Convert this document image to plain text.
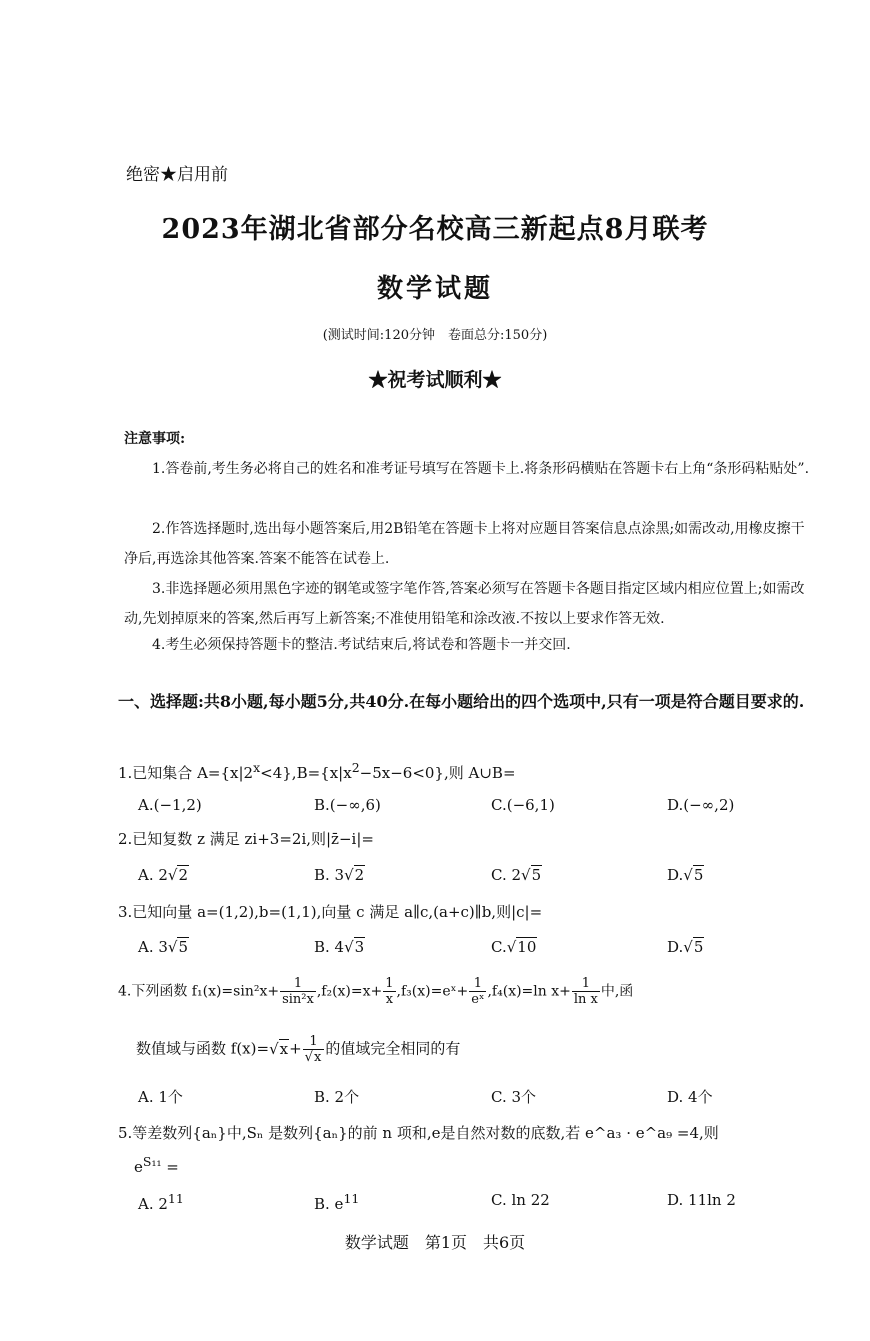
绝密★启用前
2023年湖北省部分名校高三新起点8月联考
数学试题
(测试时间:120分钟　卷面总分:150分)
★祝考试顺利★
注意事项:
1.答卷前,考生务必将自己的姓名和准考证号填写在答题卡上.将条形码横贴在答题卡右上角“条形码粘贴处”.
2.作答选择题时,选出每小题答案后,用2B铅笔在答题卡上将对应题目答案信息点涂黑;如需改动,用橡皮擦干净后,再选涂其他答案.答案不能答在试卷上.
3.非选择题必须用黑色字迹的钢笔或签字笔作答,答案必须写在答题卡各题目指定区域内相应位置上;如需改动,先划掉原来的答案,然后再写上新答案;不准使用铅笔和涂改液.不按以上要求作答无效.
4.考生必须保持答题卡的整洁.考试结束后,将试卷和答题卡一并交回.
一、选择题:共8小题,每小题5分,共40分.在每小题给出的四个选项中,只有一项是符合题目要求的.
1.已知集合 $A=\{x|2^x<4\},B=\{x|x^2-5x-6<0\}$,则 A∪B=
A.(−1,2)	B.(−∞,6)	C.(−6,1)	D.(−∞,2)
2.已知复数 z 满足 zi+3=2i,则|z̄−i|=
A. 2√2	B. 3√2	C. 2√5	D.√5
3.已知向量 a=(1,2),b=(1,1),向量 c 满足 a∥c,(a+c)∥b,则|c|=
A. 3√5	B. 4√3	C.√10	D.√5
4.下列函数 $f_1(x)=\sin^2x+ \frac{1}{\text{sin²x}} ,f_2(x)=x+ \frac{1}{x}$ ,f₃(x)=eˣ+ $\frac{1}{\text{eˣ}} ,f_4(x)=\ln$ $x+ \frac{1}{\text{ln x}}$ 中,函
数值域与函数 $f(x)=√x+ \frac{1}{√x}$ 的值域完全相同的有
A. 1个	B. 2个	C. 3个	D. 4个
5.等差数列{aₙ}中,Sₙ 是数列{aₙ}的前 n 项和,e是自然对数的底数,若 e^a₃ · e^a₉ =4,则
$e^{S_{11}}$ =
A. $2^{11}$	B. $e^{11}$	C. ln 22	D. 11ln 2
数学试题　第1页　共6页
